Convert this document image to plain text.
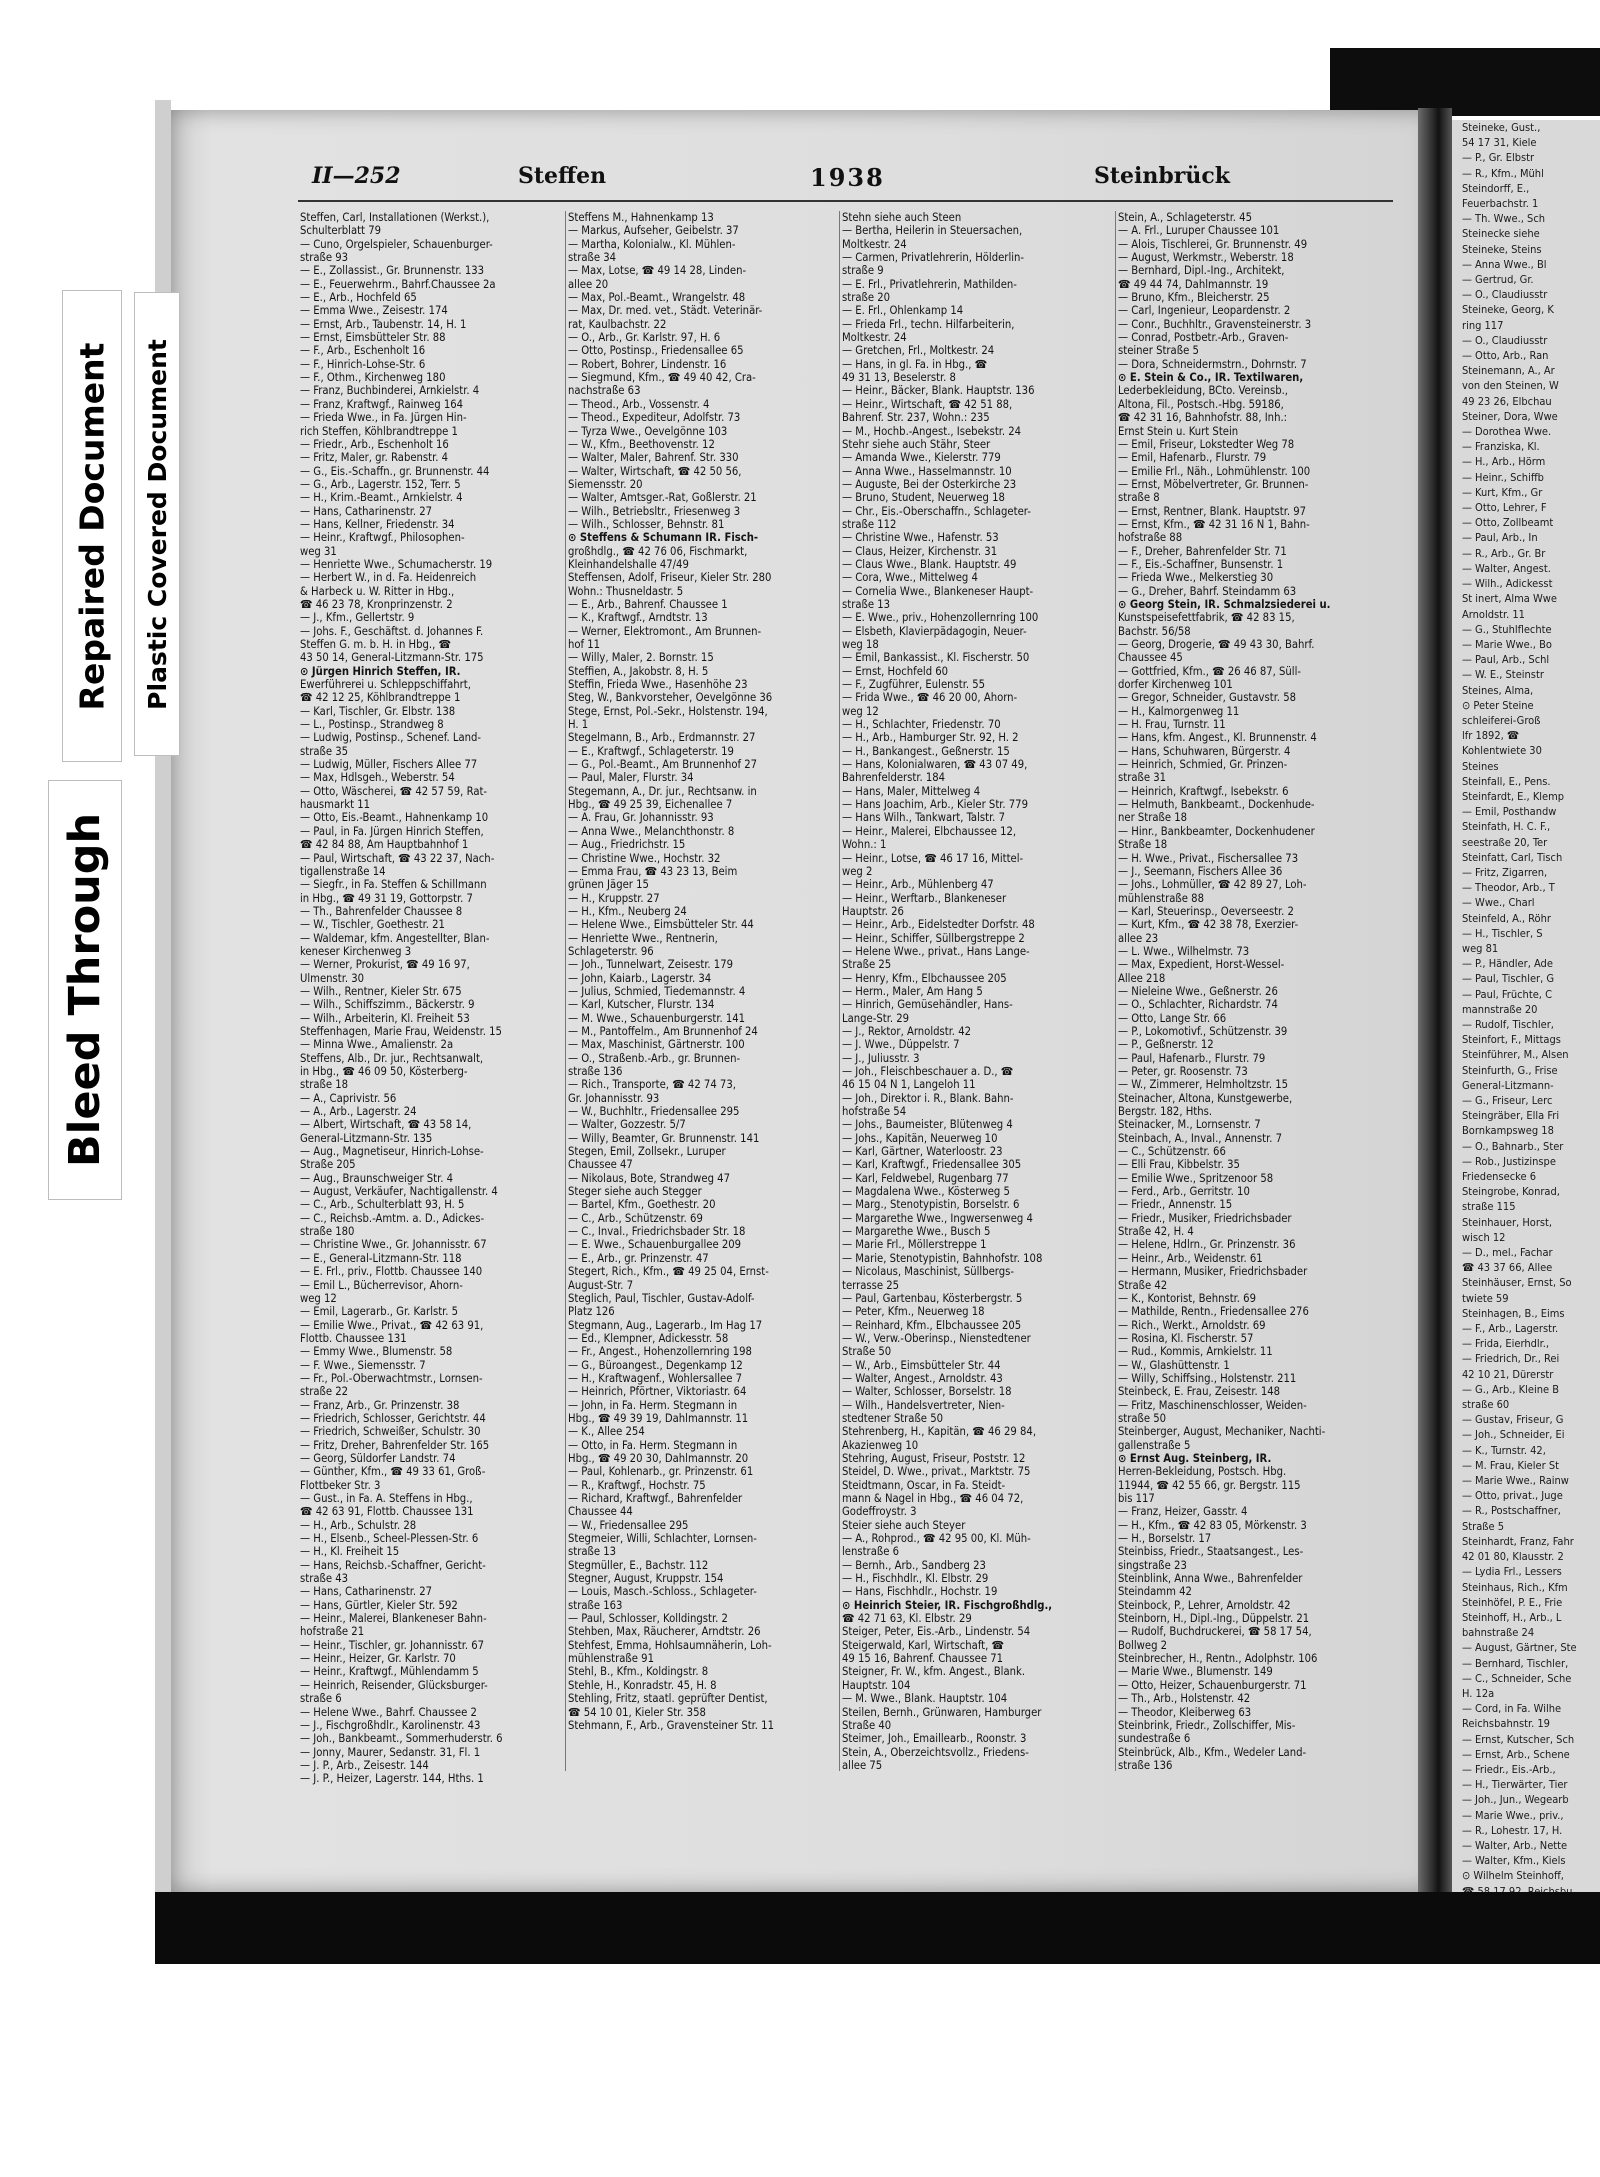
Steineke, Gust.,
54 17 31, Kiele
— P., Gr. Elbstr
— R., Kfm., Mühl
Steindorff, E.,
Feuerbachstr. 1
— Th. Wwe., Sch
Steinecke siehe
Steineke, Steins
— Anna Wwe., Bl
— Gertrud, Gr.
— O., Claudiusstr
Steineke, Georg, K
ring 117
— O., Claudiusstr
— Otto, Arb., Ran
Steinemann, A., Ar
von den Steinen, W
49 23 26, Elbchau
Steiner, Dora, Wwe
— Dorothea Wwe.
— Franziska, Kl.
— H., Arb., Hörm
— Heinr., Schiffb
— Kurt, Kfm., Gr
— Otto, Lehrer, F
— Otto, Zollbeamt
— Paul, Arb., In
— R., Arb., Gr. Br
— Walter, Angest.
— Wilh., Adickesst
St inert, Alma Wwe
Arnoldstr. 11
— G., Stuhlflechte
— Marie Wwe., Bo
— Paul, Arb., Schl
— W. E., Steinstr
Steines, Alma,
⊙ Peter Steine
schleiferei-Groß
lfr 1892, ☎
Kohlentwiete 30
Steines
Steinfall, E., Pens.
Steinfardt, E., Klemp
— Emil, Posthandw
Steinfath, H. C. F.,
seestraße 20, Ter
Steinfatt, Carl, Tisch
— Fritz, Zigarren,
— Theodor, Arb., T
— Wwe., Charl
Steinfeld, A., Röhr
— H., Tischler, S
weg 81
— P., Händler, Ade
— Paul, Tischler, G
— Paul, Früchte, C
mannstraße 20
— Rudolf, Tischler,
Steinfort, F., Mittags
Steinführer, M., Alsen
Steinfurth, G., Frise
General-Litzmann-
— G., Friseur, Lerc
Steingräber, Ella Fri
Bornkampsweg 18
— O., Bahnarb., Ster
— Rob., Justizinspe
Friedensecke 6
Steingrobe, Konrad,
straße 115
Steinhauer, Horst,
wisch 12
— D., mel., Fachar
☎ 43 37 66, Allee
Steinhäuser, Ernst, So
twiete 59
Steinhagen, B., Eims
— F., Arb., Lagerstr.
— Frida, Eierhdlr.,
— Friedrich, Dr., Rei
42 10 21, Dürerstr
— G., Arb., Kleine B
straße 60
— Gustav, Friseur, G
— Joh., Schneider, Ei
— K., Turnstr. 42,
— M. Frau, Kieler St
— Marie Wwe., Rainw
— Otto, privat., Juge
— R., Postschaffner,
Straße 5
Steinhardt, Franz, Fahr
42 01 80, Klausstr. 2
— Lydia Frl., Lessers
Steinhaus, Rich., Kfm
Steinhöfel, P. E., Frie
Steinhoff, H., Arb., L
bahnstraße 24
— August, Gärtner, Ste
— Bernhard, Tischler,
— C., Schneider, Sche
H. 12a
— Cord, in Fa. Wilhe
Reichsbahnstr. 19
— Ernst, Kutscher, Sch
— Ernst, Arb., Schene
— Friedr., Eis.-Arb.,
— H., Tierwärter, Tier
— Joh., Jun., Wegearb
— Marie Wwe., priv.,
— R., Lohestr. 17, H.
— Walter, Arb., Nette
— Walter, Kfm., Kiels
⊙ Wilhelm Steinhoff,
Repaired Document Plastic Covered Document
Bleed Through
II—252	Steffen	1938	Steinbrück
Steffen, Carl, Installationen (Werkst.),
Schulterblatt 79
— Cuno, Orgelspieler, Schauenburger-
straße 93
— E., Zollassist., Gr. Brunnenstr. 133
— E., Feuerwehrm., Bahrf.Chaussee 2a
— E., Arb., Hochfeld 65
— Emma Wwe., Zeisestr. 174
— Ernst, Arb., Taubenstr. 14, H. 1
— Ernst, Eimsbütteler Str. 88
— F., Arb., Eschenholt 16
— F., Hinrich-Lohse-Str. 6
— F., Othm., Kirchenweg 180
— Franz, Buchbinderei, Arnkielstr. 4
— Franz, Kraftwgf., Rainweg 164
— Frieda Wwe., in Fa. Jürgen Hin-
rich Steffen, Köhlbrandtreppe 1
— Friedr., Arb., Eschenholt 16
— Fritz, Maler, gr. Rabenstr. 4
— G., Eis.-Schaffn., gr. Brunnenstr. 44
— G., Arb., Lagerstr. 152, Terr. 5
— H., Krim.-Beamt., Arnkielstr. 4
— Hans, Catharinenstr. 27
— Hans, Kellner, Friedenstr. 34
— Heinr., Kraftwgf., Philosophen-
weg 31
— Henriette Wwe., Schumacherstr. 19
— Herbert W., in d. Fa. Heidenreich
& Harbeck u. W. Ritter in Hbg.,
☎ 46 23 78, Kronprinzenstr. 2
— J., Kfm., Gellertstr. 9
— Johs. F., Geschäftst. d. Johannes F.
Steffen G. m. b. H. in Hbg., ☎
43 50 14, General-Litzmann-Str. 175
⊙ Jürgen Hinrich Steffen, IR.
Ewerführerei u. Schleppschiffahrt,
☎ 42 12 25, Köhlbrandtreppe 1
— Karl, Tischler, Gr. Elbstr. 138
— L., Postinsp., Strandweg 8
— Ludwig, Postinsp., Schenef. Land-
straße 35
— Ludwig, Müller, Fischers Allee 77
— Max, Hdlsgeh., Weberstr. 54
— Otto, Wäscherei, ☎ 42 57 59, Rat-
hausmarkt 11
— Otto, Eis.-Beamt., Hahnenkamp 10
— Paul, in Fa. Jürgen Hinrich Steffen,
☎ 42 84 88, Am Hauptbahnhof 1
— Paul, Wirtschaft, ☎ 43 22 37, Nach-
tigallenstraße 14
— Siegfr., in Fa. Steffen & Schillmann
in Hbg., ☎ 49 31 19, Gottorpstr. 7
— Th., Bahrenfelder Chaussee 8
— W., Tischler, Goethestr. 21
— Waldemar, kfm. Angestellter, Blan-
keneser Kirchenweg 3
— Werner, Prokurist, ☎ 49 16 97,
Ulmenstr. 30
— Wilh., Rentner, Kieler Str. 675
— Wilh., Schiffszimm., Bäckerstr. 9
— Wilh., Arbeiterin, Kl. Freiheit 53
Steffenhagen, Marie Frau, Weidenstr. 15
— Minna Wwe., Amalienstr. 2a
Steffens, Alb., Dr. jur., Rechtsanwalt,
in Hbg., ☎ 46 09 50, Kösterberg-
straße 18
— A., Caprivistr. 56
— A., Arb., Lagerstr. 24
— Albert, Wirtschaft, ☎ 43 58 14,
General-Litzmann-Str. 135
— Aug., Magnetiseur, Hinrich-Lohse-
Straße 205
— Aug., Braunschweiger Str. 4
— August, Verkäufer, Nachtigallenstr. 4
— C., Arb., Schulterblatt 93, H. 5
— C., Reichsb.-Amtm. a. D., Adickes-
straße 180
— Christine Wwe., Gr. Johannisstr. 67
— E., General-Litzmann-Str. 118
— E. Frl., priv., Flottb. Chaussee 140
— Emil L., Bücherrevisor, Ahorn-
weg 12
— Emil, Lagerarb., Gr. Karlstr. 5
— Emilie Wwe., Privat., ☎ 42 63 91,
Flottb. Chaussee 131
— Emmy Wwe., Blumenstr. 58
— F. Wwe., Siemensstr. 7
— Fr., Pol.-Oberwachtmstr., Lornsen-
straße 22
— Franz, Arb., Gr. Prinzenstr. 38
— Friedrich, Schlosser, Gerichtstr. 44
— Friedrich, Schweißer, Schulstr. 30
— Fritz, Dreher, Bahrenfelder Str. 165
— Georg, Süldorfer Landstr. 74
— Günther, Kfm., ☎ 49 33 61, Groß-
Flottbeker Str. 3
— Gust., in Fa. A. Steffens in Hbg.,
☎ 42 63 91, Flottb. Chaussee 131
— H., Arb., Schulstr. 28
— H., Elsenb., Scheel-Plessen-Str. 6
— H., Kl. Freiheit 15
— Hans, Reichsb.-Schaffner, Gericht-
straße 43
— Hans, Catharinenstr. 27
— Hans, Gürtler, Kieler Str. 592
— Heinr., Malerei, Blankeneser Bahn-
hofstraße 21
— Heinr., Tischler, gr. Johannisstr. 67
— Heinr., Heizer, Gr. Karlstr. 70
— Heinr., Kraftwgf., Mühlendamm 5
— Heinrich, Reisender, Glücksburger-
straße 6
— Helene Wwe., Bahrf. Chaussee 2
— J., Fischgroßhdlr., Karolinenstr. 43
— Joh., Bankbeamt., Sommerhuderstr. 6
— Jonny, Maurer, Sedanstr. 31, Fl. 1
— J. P., Arb., Zeisestr. 144
— J. P., Heizer, Lagerstr. 144, Hths. 1
Steffens M., Hahnenkamp 13
— Markus, Aufseher, Geibelstr. 37
— Martha, Kolonialw., Kl. Mühlen-
straße 34
— Max, Lotse, ☎ 49 14 28, Linden-
allee 20
— Max, Pol.-Beamt., Wrangelstr. 48
— Max, Dr. med. vet., Städt. Veterinär-
rat, Kaulbachstr. 22
— O., Arb., Gr. Karlstr. 97, H. 6
— Otto, Postinsp., Friedensallee 65
— Robert, Bohrer, Lindenstr. 16
— Siegmund, Kfm., ☎ 49 40 42, Cra-
nachstraße 63
— Theod., Arb., Vossenstr. 4
— Theod., Expediteur, Adolfstr. 73
— Tyrza Wwe., Oevelgönne 103
— W., Kfm., Beethovenstr. 12
— Walter, Maler, Bahrenf. Str. 330
— Walter, Wirtschaft, ☎ 42 50 56,
Siemensstr. 20
— Walter, Amtsger.-Rat, Goßlerstr. 21
— Wilh., Betriebsltr., Friesenweg 3
— Wilh., Schlosser, Behnstr. 81
⊙ Steffens & Schumann IR. Fisch-
großhdlg., ☎ 42 76 06, Fischmarkt,
Kleinhandelshalle 47/49
Steffensen, Adolf, Friseur, Kieler Str. 280
Wohn.: Thusneldastr. 5
— E., Arb., Bahrenf. Chaussee 1
— K., Kraftwgf., Arndtstr. 13
— Werner, Elektromont., Am Brunnen-
hof 11
— Willy, Maler, 2. Bornstr. 15
Steffien, A., Jakobstr. 8, H. 5
Steffin, Frieda Wwe., Hasenhöhe 23
Steg, W., Bankvorsteher, Oevelgönne 36
Stege, Ernst, Pol.-Sekr., Holstenstr. 194,
H. 1
Stegelmann, B., Arb., Erdmannstr. 27
— E., Kraftwgf., Schlageterstr. 19
— G., Pol.-Beamt., Am Brunnenhof 27
— Paul, Maler, Flurstr. 34
Stegemann, A., Dr. jur., Rechtsanw. in
Hbg., ☎ 49 25 39, Eichenallee 7
— A. Frau, Gr. Johannisstr. 93
— Anna Wwe., Melanchthonstr. 8
— Aug., Friedrichstr. 15
— Christine Wwe., Hochstr. 32
— Emma Frau, ☎ 43 23 13, Beim
grünen Jäger 15
— H., Kruppstr. 27
— H., Kfm., Neuberg 24
— Helene Wwe., Eimsbütteler Str. 44
— Henriette Wwe., Rentnerin,
Schlageterstr. 96
— Joh., Tunnelwart, Zeisestr. 179
— John, Kaiarb., Lagerstr. 34
— Julius, Schmied, Tiedemannstr. 4
— Karl, Kutscher, Flurstr. 134
— M. Wwe., Schauenburgerstr. 141
— M., Pantoffelm., Am Brunnenhof 24
— Max, Maschinist, Gärtnerstr. 100
— O., Straßenb.-Arb., gr. Brunnen-
straße 136
— Rich., Transporte, ☎ 42 74 73,
Gr. Johannisstr. 93
— W., Buchhltr., Friedensallee 295
— Walter, Gozzestr. 5/7
— Willy, Beamter, Gr. Brunnenstr. 141
Stegen, Emil, Zollsekr., Luruper
Chaussee 47
— Nikolaus, Bote, Strandweg 47
Steger siehe auch Stegger
— Bartel, Kfm., Goethestr. 20
— C., Arb., Schützenstr. 69
— C., Inval., Friedrichsbader Str. 18
— E. Wwe., Schauenburgallee 209
— E., Arb., gr. Prinzenstr. 47
Stegert, Rich., Kfm., ☎ 49 25 04, Ernst-
August-Str. 7
Steglich, Paul, Tischler, Gustav-Adolf-
Platz 126
Stegmann, Aug., Lagerarb., Im Hag 17
— Ed., Klempner, Adickesstr. 58
— Fr., Angest., Hohenzollernring 198
— G., Büroangest., Degenkamp 12
— H., Kraftwagenf., Wohlersallee 7
— Heinrich, Pförtner, Viktoriastr. 64
— John, in Fa. Herm. Stegmann in
Hbg., ☎ 49 39 19, Dahlmannstr. 11
— K., Allee 254
— Otto, in Fa. Herm. Stegmann in
Hbg., ☎ 49 20 30, Dahlmannstr. 20
— Paul, Kohlenarb., gr. Prinzenstr. 61
— R., Kraftwgf., Hochstr. 75
— Richard, Kraftwgf., Bahrenfelder
Chaussee 44
— W., Friedensallee 295
Stegmeier, Willi, Schlachter, Lornsen-
straße 13
Stegmüller, E., Bachstr. 112
Stegner, August, Kruppstr. 154
— Louis, Masch.-Schloss., Schlageter-
straße 163
— Paul, Schlosser, Kolldingstr. 2
Stehben, Max, Räucherer, Arndtstr. 26
Stehfest, Emma, Hohlsaumnäherin, Loh-
mühlenstraße 91
Stehl, B., Kfm., Koldingstr. 8
Stehle, H., Konradstr. 45, H. 8
Stehling, Fritz, staatl. geprüfter Dentist,
☎ 54 10 01, Kieler Str. 358
Stehmann, F., Arb., Gravensteiner Str. 11
Stehn siehe auch Steen
— Bertha, Heilerin in Steuersachen,
Moltkestr. 24
— Carmen, Privatlehrerin, Hölderlin-
straße 9
— E. Frl., Privatlehrerin, Mathilden-
straße 20
— E. Frl., Ohlenkamp 14
— Frieda Frl., techn. Hilfarbeiterin,
Moltkestr. 24
— Gretchen, Frl., Moltkestr. 24
— Hans, in gl. Fa. in Hbg., ☎
49 31 13, Beselerstr. 8
— Heinr., Bäcker, Blank. Hauptstr. 136
— Heinr., Wirtschaft, ☎ 42 51 88,
Bahrenf. Str. 237, Wohn.: 235
— M., Hochb.-Angest., Isebekstr. 24
Stehr siehe auch Stähr, Steer
— Amanda Wwe., Kielerstr. 779
— Anna Wwe., Hasselmannstr. 10
— Auguste, Bei der Osterkirche 23
— Bruno, Student, Neuerweg 18
— Chr., Eis.-Oberschaffn., Schlageter-
straße 112
— Christine Wwe., Hafenstr. 53
— Claus, Heizer, Kirchenstr. 31
— Claus Wwe., Blank. Hauptstr. 49
— Cora, Wwe., Mittelweg 4
— Cornelia Wwe., Blankeneser Haupt-
straße 13
— E. Wwe., priv., Hohenzollernring 100
— Elsbeth, Klavierpädagogin, Neuer-
weg 18
— Emil, Bankassist., Kl. Fischerstr. 50
— Ernst, Hochfeld 60
— F., Zugführer, Eulenstr. 55
— Frida Wwe., ☎ 46 20 00, Ahorn-
weg 12
— H., Schlachter, Friedenstr. 70
— H., Arb., Hamburger Str. 92, H. 2
— H., Bankangest., Geßnerstr. 15
— Hans, Kolonialwaren, ☎ 43 07 49,
Bahrenfelderstr. 184
— Hans, Maler, Mittelweg 4
— Hans Joachim, Arb., Kieler Str. 779
— Hans Wilh., Tankwart, Talstr. 7
— Heinr., Malerei, Elbchaussee 12,
Wohn.: 1
— Heinr., Lotse, ☎ 46 17 16, Mittel-
weg 2
— Heinr., Arb., Mühlenberg 47
— Heinr., Werftarb., Blankeneser
Hauptstr. 26
— Heinr., Arb., Eidelstedter Dorfstr. 48
— Heinr., Schiffer, Süllbergstreppe 2
— Helene Wwe., privat., Hans Lange-
Straße 25
— Henry, Kfm., Elbchaussee 205
— Herm., Maler, Am Hang 5
— Hinrich, Gemüsehändler, Hans-
Lange-Str. 29
— J., Rektor, Arnoldstr. 42
— J. Wwe., Düppelstr. 7
— J., Juliusstr. 3
— Joh., Fleischbeschauer a. D., ☎
46 15 04 N 1, Langeloh 11
— Joh., Direktor i. R., Blank. Bahn-
hofstraße 54
— Johs., Baumeister, Blütenweg 4
— Johs., Kapitän, Neuerweg 10
— Karl, Gärtner, Waterloostr. 23
— Karl, Kraftwgf., Friedensallee 305
— Karl, Feldwebel, Rugenbarg 77
— Magdalena Wwe., Kösterweg 5
— Marg., Stenotypistin, Borselstr. 6
— Margarethe Wwe., Ingwersenweg 4
— Margarethe Wwe., Busch 5
— Marie Frl., Möllerstreppe 1
— Marie, Stenotypistin, Bahnhofstr. 108
— Nicolaus, Maschinist, Süllbergs-
terrasse 25
— Paul, Gartenbau, Kösterbergstr. 5
— Peter, Kfm., Neuerweg 18
— Reinhard, Kfm., Elbchaussee 205
— W., Verw.-Oberinsp., Nienstedtener
Straße 50
— W., Arb., Eimsbütteler Str. 44
— Walter, Angest., Arnoldstr. 43
— Walter, Schlosser, Borselstr. 18
— Wilh., Handelsvertreter, Nien-
stedtener Straße 50
Stehrenberg, H., Kapitän, ☎ 46 29 84,
Akazienweg 10
Stehring, August, Friseur, Poststr. 12
Steidel, D. Wwe., privat., Marktstr. 75
Steidtmann, Oscar, in Fa. Steidt-
mann & Nagel in Hbg., ☎ 46 04 72,
Godeffroystr. 3
Steier siehe auch Steyer
— A., Rohprod., ☎ 42 95 00, Kl. Müh-
lenstraße 6
— Bernh., Arb., Sandberg 23
— H., Fischhdlr., Kl. Elbstr. 29
— Hans, Fischhdlr., Hochstr. 19
⊙ Heinrich Steier, IR. Fischgroßhdlg.,
☎ 42 71 63, Kl. Elbstr. 29
Steiger, Peter, Eis.-Arb., Lindenstr. 54
Steigerwald, Karl, Wirtschaft, ☎
49 15 16, Bahrenf. Chaussee 71
Steigner, Fr. W., kfm. Angest., Blank.
Hauptstr. 104
— M. Wwe., Blank. Hauptstr. 104
Steilen, Bernh., Grünwaren, Hamburger
Straße 40
Steimer, Joh., Emaillearb., Roonstr. 3
Stein, A., Oberzeichtsvollz., Friedens-
allee 75
Stein, A., Schlageterstr. 45
— A. Frl., Luruper Chaussee 101
— Alois, Tischlerei, Gr. Brunnenstr. 49
— August, Werkmstr., Weberstr. 18
— Bernhard, Dipl.-Ing., Architekt,
☎ 49 44 74, Dahlmannstr. 19
— Bruno, Kfm., Bleicherstr. 25
— Carl, Ingenieur, Leopardenstr. 2
— Conr., Buchhltr., Gravensteinerstr. 3
— Conrad, Postbetr.-Arb., Graven-
steiner Straße 5
— Dora, Schneidermstrn., Dohrnstr. 7
⊙ E. Stein & Co., IR. Textilwaren,
Lederbekleidung, BCto. Vereinsb.,
Altona, Fil., Postsch.-Hbg. 59186,
☎ 42 31 16, Bahnhofstr. 88, Inh.:
Ernst Stein u. Kurt Stein
— Emil, Friseur, Lokstedter Weg 78
— Emil, Hafenarb., Flurstr. 79
— Emilie Frl., Näh., Lohmühlenstr. 100
— Ernst, Möbelvertreter, Gr. Brunnen-
straße 8
— Ernst, Rentner, Blank. Hauptstr. 97
— Ernst, Kfm., ☎ 42 31 16 N 1, Bahn-
hofstraße 88
— F., Dreher, Bahrenfelder Str. 71
— F., Eis.-Schaffner, Bunsenstr. 1
— Frieda Wwe., Melkerstieg 30
— G., Dreher, Bahrf. Steindamm 63
⊙ Georg Stein, IR. Schmalzsiederei u.
Kunstspeisefettfabrik, ☎ 42 83 15,
Bachstr. 56/58
— Georg, Drogerie, ☎ 49 43 30, Bahrf.
Chaussee 45
— Gottfried, Kfm., ☎ 26 46 87, Süll-
dorfer Kirchenweg 101
— Gregor, Schneider, Gustavstr. 58
— H., Kalmorgenweg 11
— H. Frau, Turnstr. 11
— Hans, kfm. Angest., Kl. Brunnenstr. 4
— Hans, Schuhwaren, Bürgerstr. 4
— Heinrich, Schmied, Gr. Prinzen-
straße 31
— Heinrich, Kraftwgf., Isebekstr. 6
— Helmuth, Bankbeamt., Dockenhude-
ner Straße 18
— Hinr., Bankbeamter, Dockenhudener
Straße 18
— H. Wwe., Privat., Fischersallee 73
— J., Seemann, Fischers Allee 36
— Johs., Lohmüller, ☎ 42 89 27, Loh-
mühlenstraße 88
— Karl, Steuerinsp., Oeverseestr. 2
— Kurt, Kfm., ☎ 42 38 78, Exerzier-
allee 23
— L. Wwe., Wilhelmstr. 73
— Max, Expedient, Horst-Wessel-
Allee 218
— Nieleine Wwe., Geßnerstr. 26
— O., Schlachter, Richardstr. 74
— Otto, Lange Str. 66
— P., Lokomotivf., Schützenstr. 39
— P., Geßnerstr. 12
— Paul, Hafenarb., Flurstr. 79
— Peter, gr. Roosenstr. 73
— W., Zimmerer, Helmholtzstr. 15
Steinacher, Altona, Kunstgewerbe,
Bergstr. 182, Hths.
Steinacker, M., Lornsenstr. 7
Steinbach, A., Inval., Annenstr. 7
— C., Schützenstr. 66
— Elli Frau, Kibbelstr. 35
— Emilie Wwe., Spritzenoor 58
— Ferd., Arb., Gerritstr. 10
— Friedr., Annenstr. 15
— Friedr., Musiker, Friedrichsbader
Straße 42, H. 4
— Helene, Hdlrn., Gr. Prinzenstr. 36
— Heinr., Arb., Weidenstr. 61
— Hermann, Musiker, Friedrichsbader
Straße 42
— K., Kontorist, Behnstr. 69
— Mathilde, Rentn., Friedensallee 276
— Rich., Werkt., Arnoldstr. 69
— Rosina, Kl. Fischerstr. 57
— Rud., Kommis, Arnkielstr. 11
— W., Glashüttenstr. 1
— Willy, Schiffsing., Holstenstr. 211
Steinbeck, E. Frau, Zeisestr. 148
— Fritz, Maschinenschlosser, Weiden-
straße 50
Steinberger, August, Mechaniker, Nachti-
gallenstraße 5
⊙ Ernst Aug. Steinberg, IR.
Herren-Bekleidung, Postsch. Hbg.
11944, ☎ 42 55 66, gr. Bergstr. 115
bis 117
— Franz, Heizer, Gasstr. 4
— H., Kfm., ☎ 42 83 05, Mörkenstr. 3
— H., Borselstr. 17
Steinbiss, Friedr., Staatsangest., Les-
singstraße 23
Steinblink, Anna Wwe., Bahrenfelder
Steindamm 42
Steinbock, P., Lehrer, Arnoldstr. 42
Steinborn, H., Dipl.-Ing., Düppelstr. 21
— Rudolf, Buchdruckerei, ☎ 58 17 54,
Bollweg 2
Steinbrecher, H., Rentn., Adolphstr. 106
— Marie Wwe., Blumenstr. 149
— Otto, Heizer, Schauenburgerstr. 71
— Th., Arb., Holstenstr. 42
— Theodor, Kleiberweg 63
Steinbrink, Friedr., Zollschiffer, Mis-
sundestraße 6
Steinbrück, Alb., Kfm., Wedeler Land-
straße 136
